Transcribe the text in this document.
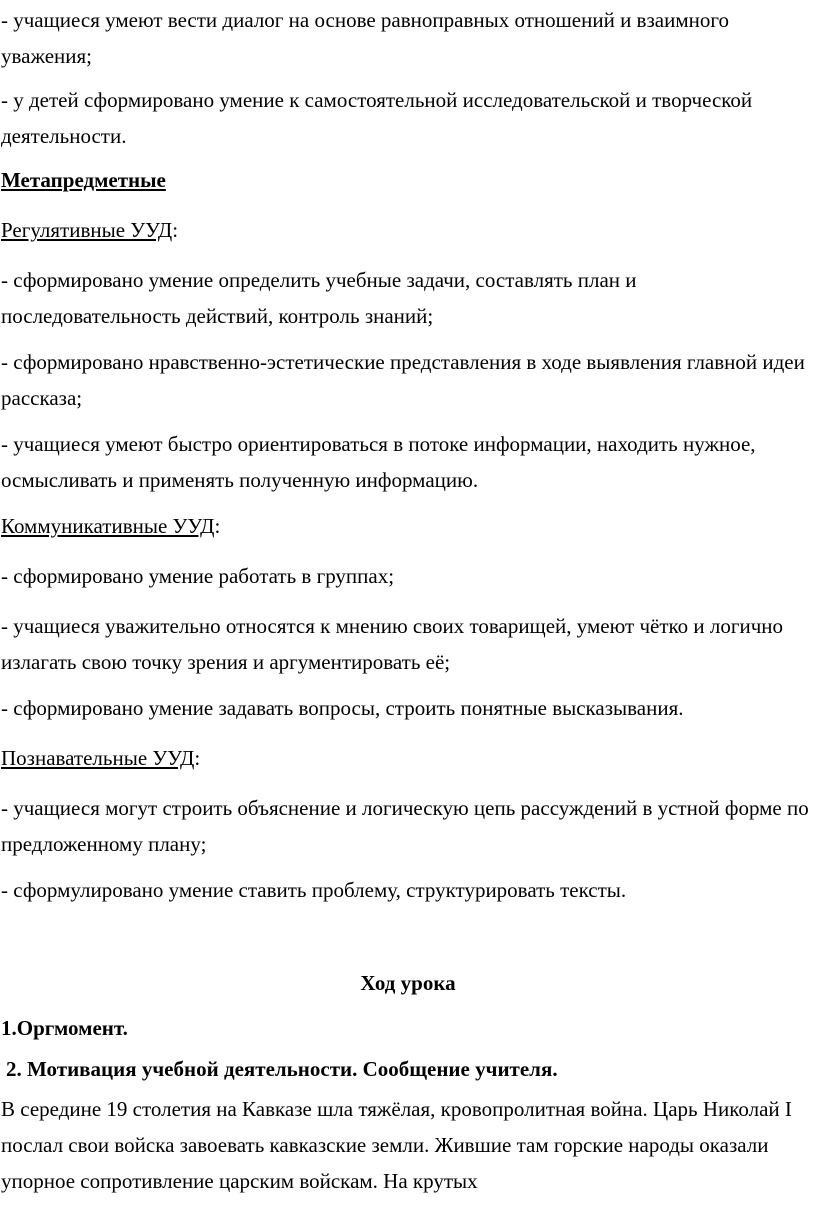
- учащиеся умеют вести диалог на основе равноправных отношений и взаимного уважения;

- у детей сформировано умение к самостоятельной исследовательской и творческой деятельности.

Метапредметные

Регулятивные УУД:

- сформировано умение определить учебные задачи, составлять план и последовательность действий, контроль знаний;

- сформировано нравственно-эстетические представления в ходе выявления главной идеи рассказа;

- учащиеся умеют быстро ориентироваться в потоке информации, находить нужное, осмысливать и применять полученную информацию.

Коммуникативные УУД:

- сформировано умение работать в группах;

- учащиеся уважительно относятся к мнению своих товарищей, умеют чётко и логично излагать свою точку зрения и аргументировать её;

- сформировано умение задавать вопросы, строить понятные высказывания.

Познавательные УУД:

- учащиеся могут строить объяснение и логическую цепь рассуждений в устной форме по предложенному плану;

- сформулировано умение ставить проблему, структурировать тексты.

Ход урока

1.Оргмомент.

2. Мотивация учебной деятельности. Сообщение учителя.

В середине 19 столетия на Кавказе шла тяжёлая, кровопролитная война. Царь Николай I послал свои войска завоевать кавказские земли. Жившие там горские народы оказали упорное сопротивление царским войскам. На крутых
